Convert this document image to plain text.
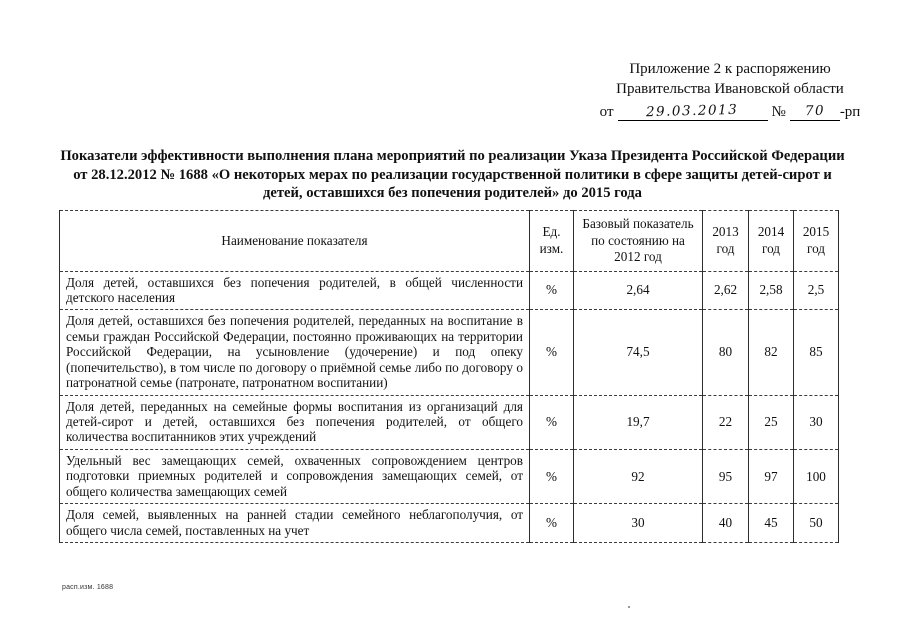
Приложение 2 к распоряжению
Правительства Ивановской области
от 29.03.2013 № 70 -рп
Показатели эффективности выполнения плана мероприятий по реализации Указа Президента Российской Федерации от 28.12.2012 № 1688 «О некоторых мерах по реализации государственной политики в сфере защиты детей-сирот и детей, оставшихся без попечения родителей» до 2015 года
Наименование показателя	Ед. изм.	Базовый показатель по состоянию на 2012 год	2013 год	2014 год	2015 год
Доля детей, оставшихся без попечения родителей, в общей численности детского населения	%	2,64	2,62	2,58	2,5
Доля детей, оставшихся без попечения родителей, переданных на воспитание в семьи граждан Российской Федерации, постоянно проживающих на территории Российской Федерации, на усыновление (удочерение) и под опеку (попечительство), в том числе по договору о приёмной семье либо по договору о патронатной семье (патронате, патронатном воспитании)	%	74,5	80	82	85
Доля детей, переданных на семейные формы воспитания из организаций для детей-сирот и детей, оставшихся без попечения родителей, от общего количества воспитанников этих учреждений	%	19,7	22	25	30
Удельный вес замещающих семей, охваченных сопровождением центров подготовки приемных родителей и сопровождения замещающих семей, от общего количества замещающих семей	%	92	95	97	100
Доля семей, выявленных на ранней стадии семейного неблагополучия, от общего числа семей, поставленных на учет	%	30	40	45	50
расп.изм. 1688
